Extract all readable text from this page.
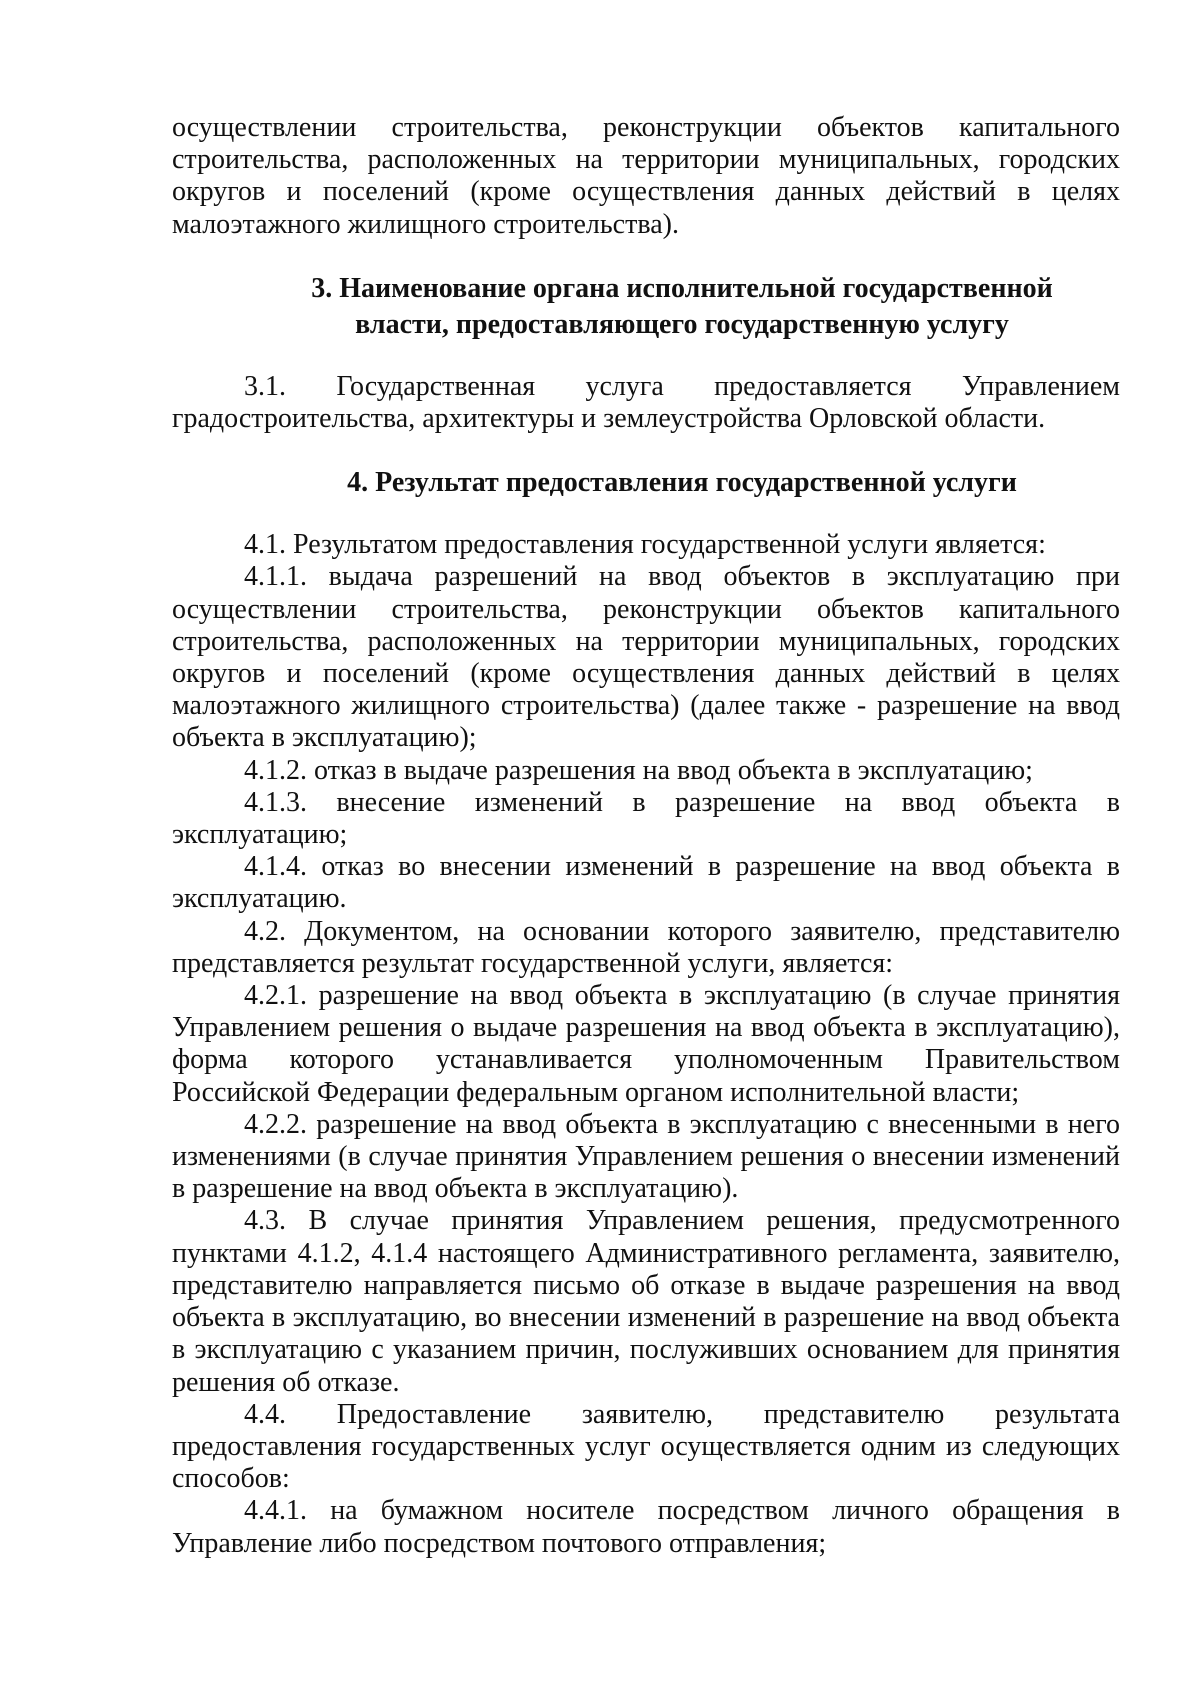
осуществлении строительства, реконструкции объектов капитального строительства, расположенных на территории муниципальных, городских округов и поселений (кроме осуществления данных действий в целях малоэтажного жилищного строительства).

3. Наименование органа исполнительной государственной

власти, предоставляющего государственную услугу

3.1. Государственная услуга предоставляется Управлением градостроительства, архитектуры и землеустройства Орловской области.

4. Результат предоставления государственной услуги

4.1. Результатом предоставления государственной услуги является:

4.1.1. выдача разрешений на ввод объектов в эксплуатацию при осуществлении строительства, реконструкции объектов капитального строительства, расположенных на территории муниципальных, городских округов и поселений (кроме осуществления данных действий в целях малоэтажного жилищного строительства) (далее также - разрешение на ввод объекта в эксплуатацию);

4.1.2. отказ в выдаче разрешения на ввод объекта в эксплуатацию;

4.1.3. внесение изменений в разрешение на ввод объекта в эксплуатацию;

4.1.4. отказ во внесении изменений в разрешение на ввод объекта в эксплуатацию.

4.2. Документом, на основании которого заявителю, представителю представляется результат государственной услуги, является:

4.2.1. разрешение на ввод объекта в эксплуатацию (в случае принятия Управлением решения о выдаче разрешения на ввод объекта в эксплуатацию), форма которого устанавливается уполномоченным Правительством Российской Федерации федеральным органом исполнительной власти;

4.2.2. разрешение на ввод объекта в эксплуатацию с внесенными в него изменениями (в случае принятия Управлением решения о внесении изменений в разрешение на ввод объекта в эксплуатацию).

4.3. В случае принятия Управлением решения, предусмотренного пунктами 4.1.2, 4.1.4 настоящего Административного регламента, заявителю, представителю направляется письмо об отказе в выдаче разрешения на ввод объекта в эксплуатацию, во внесении изменений в разрешение на ввод объекта в эксплуатацию с указанием причин, послуживших основанием для принятия решения об отказе.

4.4. Предоставление заявителю, представителю результата предоставления государственных услуг осуществляется одним из следующих способов:

4.4.1. на бумажном носителе посредством личного обращения в Управление либо посредством почтового отправления;
